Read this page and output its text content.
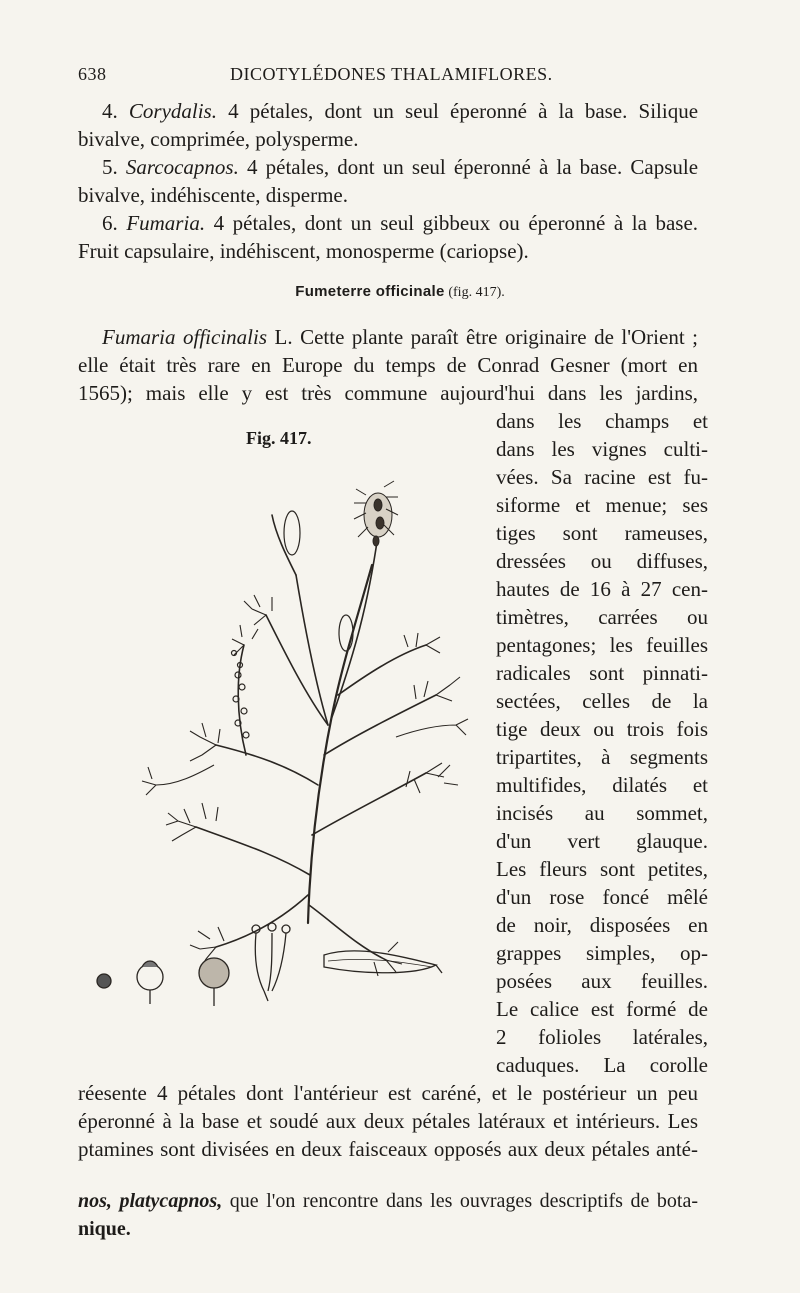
638	DICOTYLÉDONES THALAMIFLORES.
4. Corydalis. 4 pétales, dont un seul éperonné à la base. Silique
bivalve, comprimée, polysperme.
5. Sarcocapnos. 4 pétales, dont un seul éperonné à la base. Capsule
bivalve, indéhiscente, disperme.
6. Fumaria. 4 pétales, dont un seul gibbeux ou éperonné à la base.
Fruit capsulaire, indéhiscent, monosperme (cariopse).
Fumeterre officinale (fig. 417).
Fumaria officinalis L. Cette plante paraît être originaire de l'Orient ;
elle était très rare en Europe du temps de Conrad Gesner (mort en
1565); mais elle y est très commune aujourd'hui dans les jardins,
Fig. 417.
dans les champs et
dans les vignes culti-
vées. Sa racine est fu-
siforme et menue; ses
tiges sont rameuses,
dressées ou diffuses,
hautes de 16 à 27 cen-
timètres, carrées ou
pentagones; les feuilles
radicales sont pinnati-
sectées, celles de la
tige deux ou trois fois
tripartites, à segments
multifides, dilatés et
incisés au sommet,
d'un vert glauque.
Les fleurs sont petites,
d'un rose foncé mêlé
de noir, disposées en
grappes simples, op-
posées aux feuilles.
Le calice est formé de
2 folioles latérales,
caduques. La corolle
réesente 4 pétales dont l'antérieur est caréné, et le postérieur un peu
éperonné à la base et soudé aux deux pétales latéraux et intérieurs. Les
ptamines sont divisées en deux faisceaux opposés aux deux pétales anté-
nos, platycapnos, que l'on rencontre dans les ouvrages descriptifs de bota-
nique.
